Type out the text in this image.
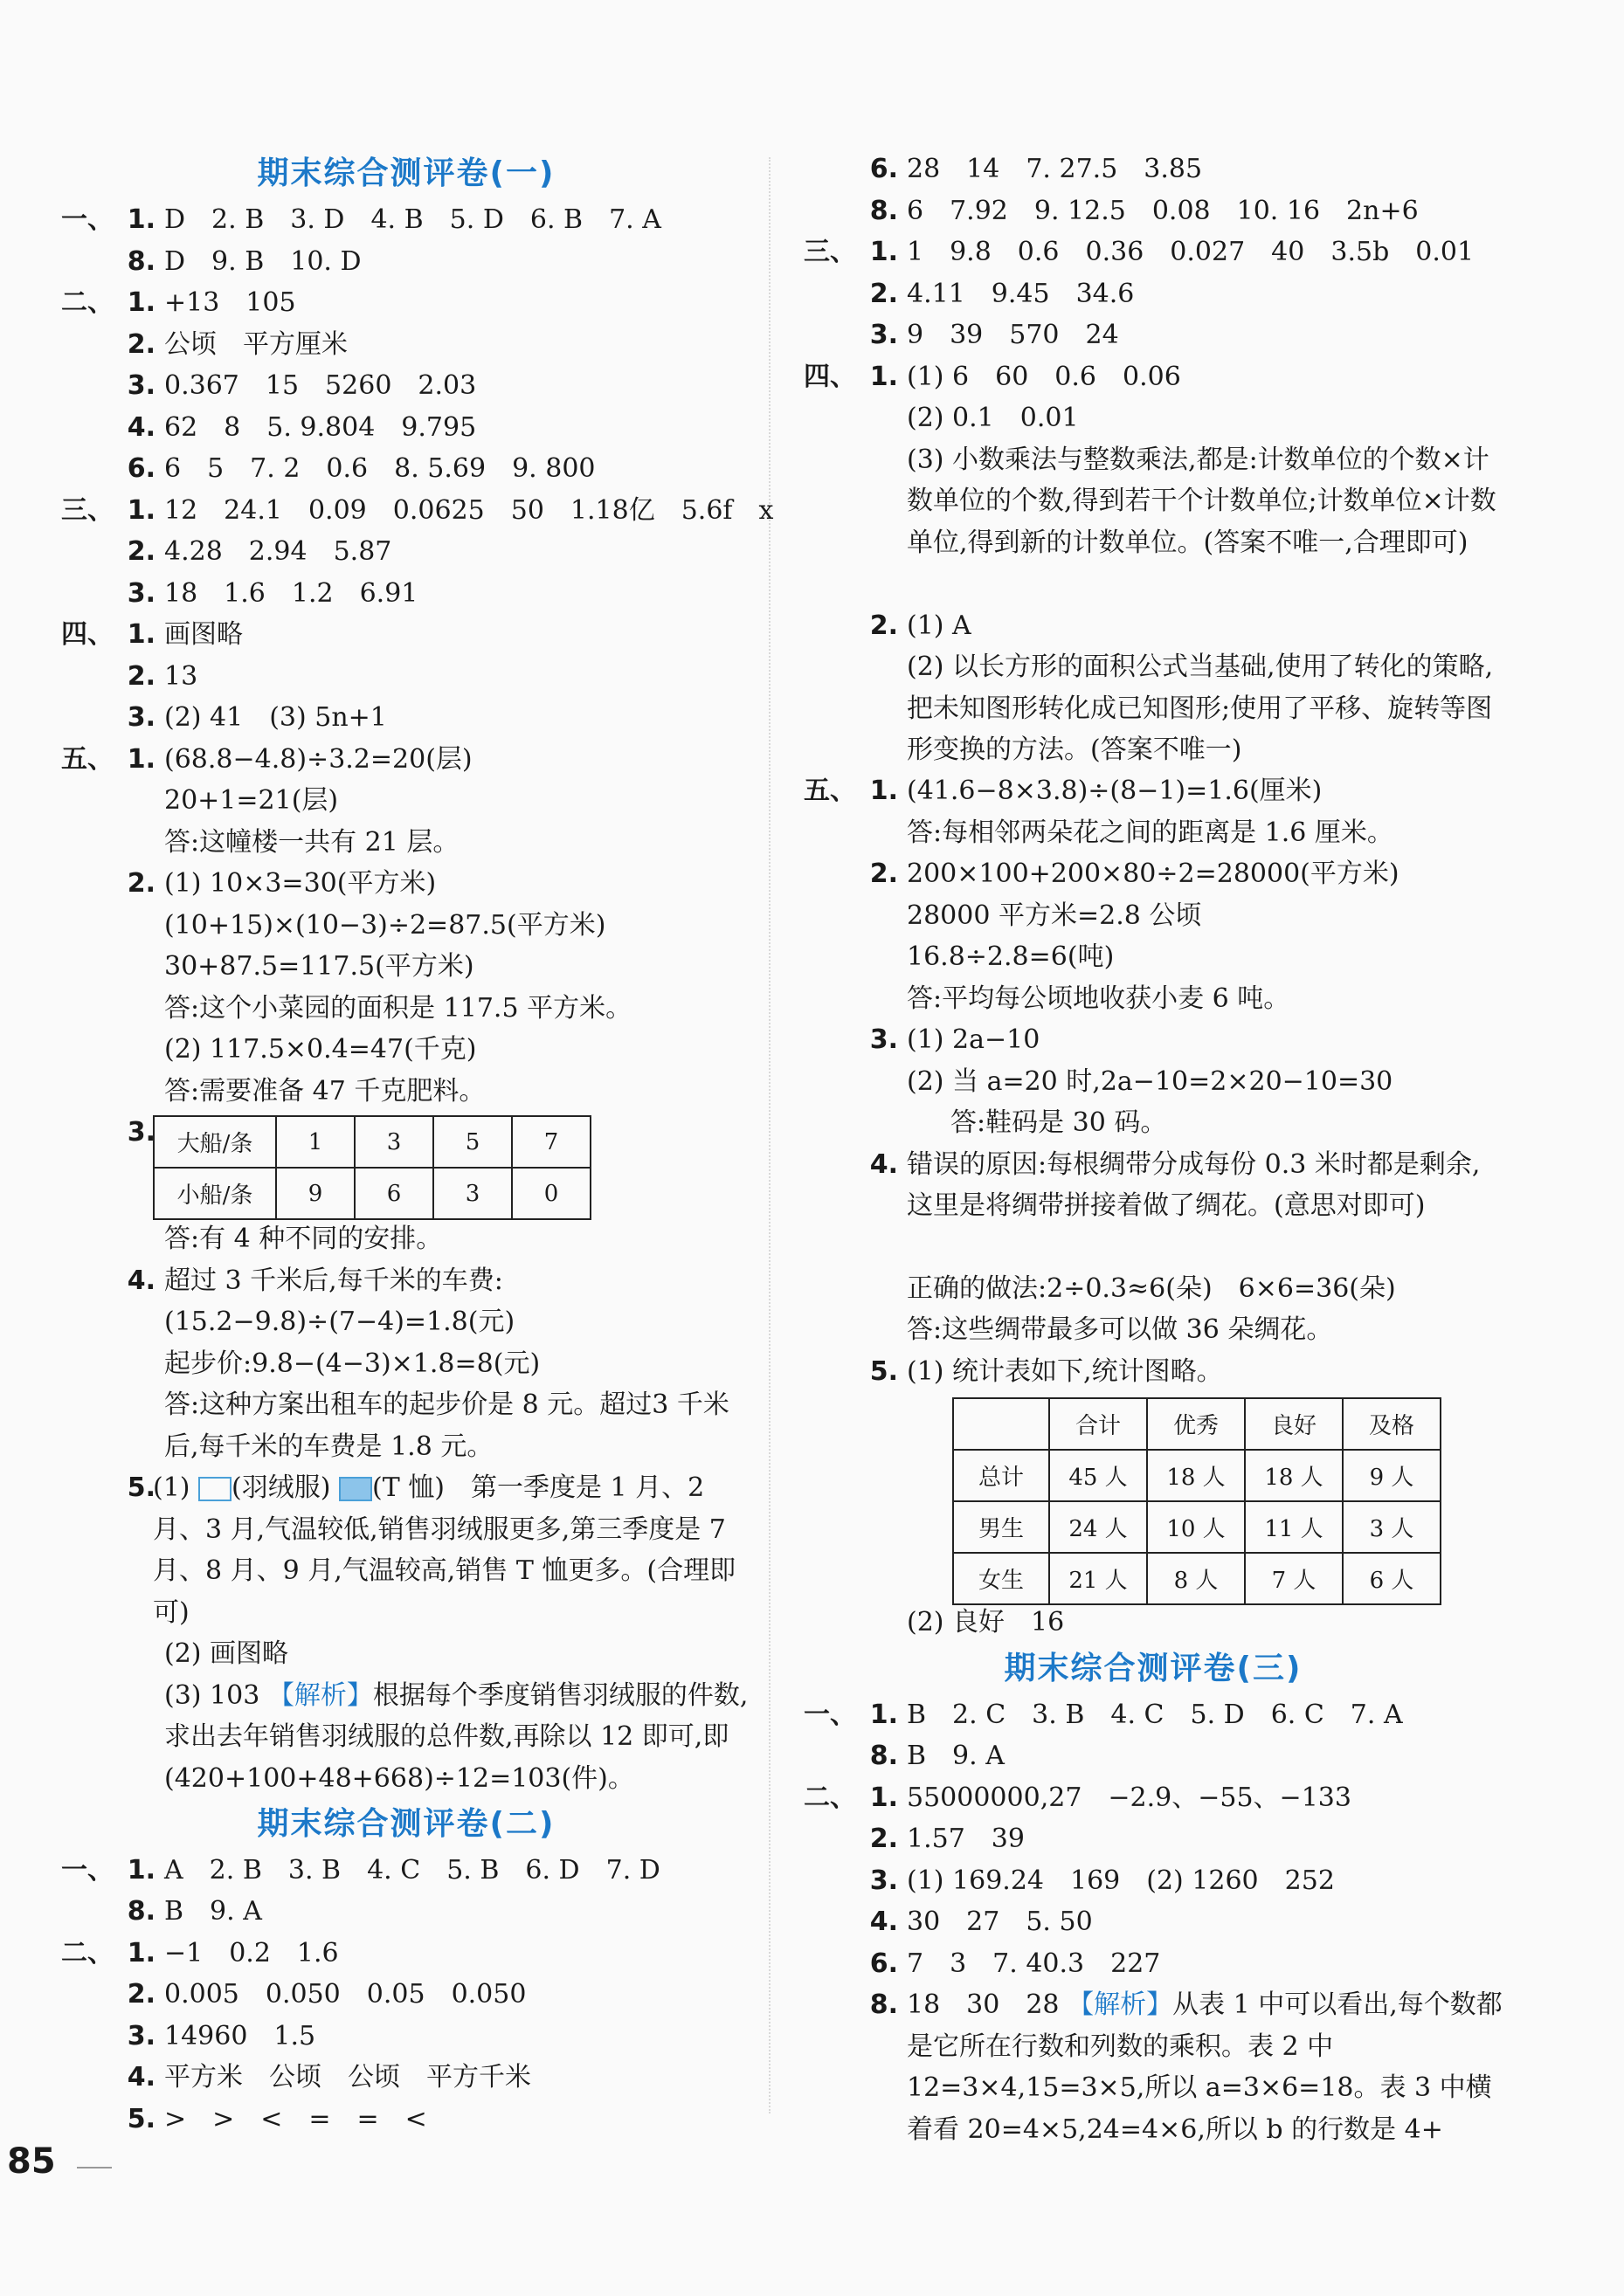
期末综合测评卷(一)
一、 1. D　2. B　3. D　4. B　5. D　6. B　7. A
8. D　9. B　10. D
二、 1. +13　105
2. 公顷　平方厘米
3. 0.367　15　5260　2.03
4. 62　8　5. 9.804　9.795
6. 6　5　7. 2　0.6　8. 5.69　9. 800
三、 1. 12　24.1　0.09　0.0625　50　1.18亿　5.6f　x
2. 4.28　2.94　5.87
3. 18　1.6　1.2　6.91
四、 1. 画图略
2. 13
3. (2) 41　(3) 5n+1
五、 1. (68.8−4.8)÷3.2=20(层)
20+1=21(层)
答:这幢楼一共有 21 层。
2. (1) 10×3=30(平方米)
(10+15)×(10−3)÷2=87.5(平方米)
30+87.5=117.5(平方米)
答:这个小菜园的面积是 117.5 平方米。
(2) 117.5×0.4=47(千克)
答:需要准备 47 千克肥料。
3. 大船/条	1	3	5	7
小船/条	9	6	3	0
答:有 4 种不同的安排。
4. 超过 3 千米后,每千米的车费:
(15.2−9.8)÷(7−4)=1.8(元)
起步价:9.8−(4−3)×1.8=8(元)
答:这种方案出租车的起步价是 8 元。超过3 千米后,每千米的车费是 1.8 元。
5.
(1) (羽绒服) (T 恤)　第一季度是 1 月、2 月、3 月,气温较低,销售羽绒服更多,第三季度是 7 月、8 月、9 月,气温较高,销售 T 恤更多。(合理即可)
(2) 画图略
(3) 103 【解析】根据每个季度销售羽绒服的件数,求出去年销售羽绒服的总件数,再除以 12 即可,即(420+100+48+668)÷12=103(件)。
期末综合测评卷(二)
一、 1. A　2. B　3. B　4. C　5. B　6. D　7. D
8. B　9. A
二、 1. −1　0.2　1.6
2. 0.005　0.050　0.05　0.050
3. 14960　1.5
4. 平方米　公顷　公顷　平方千米
5. >　>　<　=　=　<
6. 28　14　7. 27.5　3.85
8. 6　7.92　9. 12.5　0.08　10. 16　2n+6
三、 1. 1　9.8　0.6　0.36　0.027　40　3.5b　0.01
2. 4.11　9.45　34.6
3. 9　39　570　24
四、 1. (1) 6　60　0.6　0.06
(2) 0.1　0.01
(3) 小数乘法与整数乘法,都是:计数单位的个数×计数单位的个数,得到若干个计数单位;计数单位×计数单位,得到新的计数单位。(答案不唯一,合理即可)
2. (1) A
(2) 以长方形的面积公式当基础,使用了转化的策略,把未知图形转化成已知图形;使用了平移、旋转等图形变换的方法。(答案不唯一)
五、 1. (41.6−8×3.8)÷(8−1)=1.6(厘米)
答:每相邻两朵花之间的距离是 1.6 厘米。
2. 200×100+200×80÷2=28000(平方米)
28000 平方米=2.8 公顷
16.8÷2.8=6(吨)
答:平均每公顷地收获小麦 6 吨。
3. (1) 2a−10
(2) 当 a=20 时,2a−10=2×20−10=30
答:鞋码是 30 码。
4. 错误的原因:每根绸带分成每份 0.3 米时都是剩余,这里是将绸带拼接着做了绸花。(意思对即可)
正确的做法:2÷0.3≈6(朵)　6×6=36(朵)
答:这些绸带最多可以做 36 朵绸花。
5. (1) 统计表如下,统计图略。
	合计	优秀	良好	及格
总计	45 人	18 人	18 人	9 人
男生	24 人	10 人	11 人	3 人
女生	21 人	8 人	7 人	6 人
(2) 良好　16
期末综合测评卷(三)
一、 1. B　2. C　3. B　4. C　5. D　6. C　7. A
8. B　9. A
二、 1. 55000000,27　−2.9、−55、−133
2. 1.57　39
3. (1) 169.24　169　(2) 1260　252
4. 30　27　5. 50
6. 7　3　7. 40.3　227
8. 18　30　28 【解析】从表 1 中可以看出,每个数都是它所在行数和列数的乘积。表 2 中 12=3×4,15=3×5,所以 a=3×6=18。表 3 中横着看 20=4×5,24=4×6,所以 b 的行数是 4+
85
